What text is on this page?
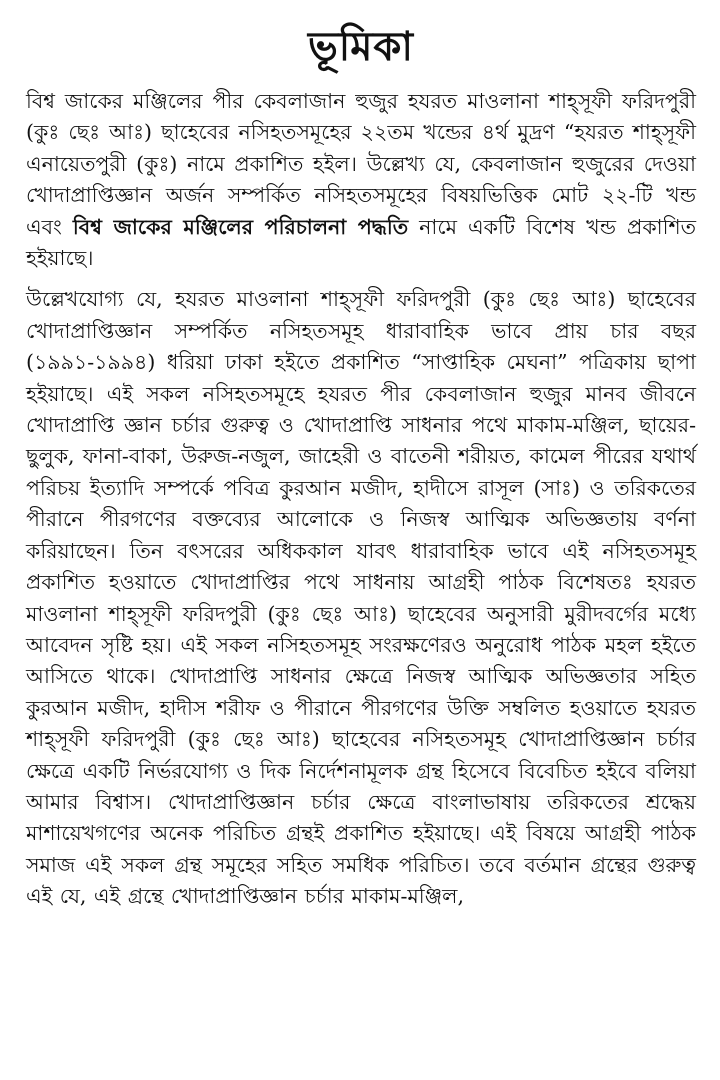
ভূমিকা

বিশ্ব জাকের মঞ্জিলের পীর কেবলাজান হুজুর হযরত মাওলানা শাহ্সূফী ফরিদপুরী (কুঃ ছেঃ আঃ) ছাহেবের নসিহতসমূহের ২২তম খন্ডের ৪র্থ মুদ্রণ “হযরত শাহ্সূফী এনায়েতপুরী (কুঃ) নামে প্রকাশিত হইল। উল্লেখ্য যে, কেবলাজান হুজুরের দেওয়া খোদাপ্রাপ্তিজ্ঞান অর্জন সম্পর্কিত নসিহতসমূহের বিষয়ভিত্তিক মোট ২২-টি খন্ড এবং বিশ্ব জাকের মঞ্জিলের পরিচালনা পদ্ধতি নামে একটি বিশেষ খন্ড প্রকাশিত হইয়াছে।

উল্লেখযোগ্য যে, হযরত মাওলানা শাহ্সূফী ফরিদপুরী (কুঃ ছেঃ আঃ) ছাহেবের খোদাপ্রাপ্তিজ্ঞান সম্পর্কিত নসিহতসমূহ ধারাবাহিক ভাবে প্রায় চার বছর (১৯৯১-১৯৯৪) ধরিয়া ঢাকা হইতে প্রকাশিত “সাপ্তাহিক মেঘনা” পত্রিকায় ছাপা হইয়াছে। এই সকল নসিহতসমূহে হযরত পীর কেবলাজান হুজুর মানব জীবনে খোদাপ্রাপ্তি জ্ঞান চর্চার গুরুত্ব ও খোদাপ্রাপ্তি সাধনার পথে মাকাম-মঞ্জিল, ছায়ের-ছুলুক, ফানা-বাকা, উরুজ-নজুল, জাহেরী ও বাতেনী শরীয়ত, কামেল পীরের যথার্থ পরিচয় ইত্যাদি সম্পর্কে পবিত্র কুরআন মজীদ, হাদীসে রাসূল (সাঃ) ও তরিকতের পীরানে পীরগণের বক্তব্যের আলোকে ও নিজস্ব আত্মিক অভিজ্ঞতায় বর্ণনা করিয়াছেন। তিন বৎসরের অধিককাল যাবৎ ধারাবাহিক ভাবে এই নসিহতসমূহ প্রকাশিত হওয়াতে খোদাপ্রাপ্তির পথে সাধনায় আগ্রহী পাঠক বিশেষতঃ হযরত মাওলানা শাহ্সূফী ফরিদপুরী (কুঃ ছেঃ আঃ) ছাহেবের অনুসারী মুরীদবর্গের মধ্যে আবেদন সৃষ্টি হয়। এই সকল নসিহতসমূহ সংরক্ষণেরও অনুরোধ পাঠক মহল হইতে আসিতে থাকে। খোদাপ্রাপ্তি সাধনার ক্ষেত্রে নিজস্ব আত্মিক অভিজ্ঞতার সহিত কুরআন মজীদ, হাদীস শরীফ ও পীরানে পীরগণের উক্তি সম্বলিত হওয়াতে হযরত শাহ্সূফী ফরিদপুরী (কুঃ ছেঃ আঃ) ছাহেবের নসিহতসমূহ খোদাপ্রাপ্তিজ্ঞান চর্চার ক্ষেত্রে একটি নির্ভরযোগ্য ও দিক নির্দেশনামূলক গ্রন্থ হিসেবে বিবেচিত হইবে বলিয়া আমার বিশ্বাস। খোদাপ্রাপ্তিজ্ঞান চর্চার ক্ষেত্রে বাংলাভাষায় তরিকতের শ্রদ্ধেয় মাশায়েখগণের অনেক পরিচিত গ্রন্থই প্রকাশিত হইয়াছে। এই বিষয়ে আগ্রহী পাঠক সমাজ এই সকল গ্রন্থ সমূহের সহিত সমধিক পরিচিত। তবে বর্তমান গ্রন্থের গুরুত্ব এই যে, এই গ্রন্থে খোদাপ্রাপ্তিজ্ঞান চর্চার মাকাম-মঞ্জিল,
